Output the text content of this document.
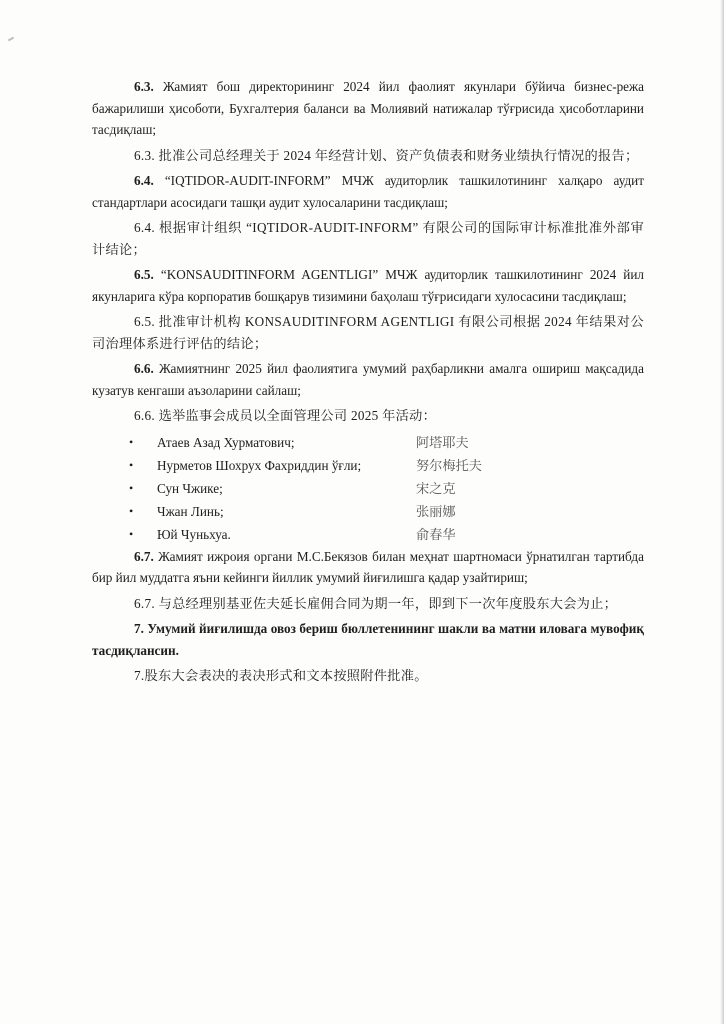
6.3. Жамият бош директорининг 2024 йил фаолият якунлари бўйича бизнес-режа бажарилиши ҳисоботи, Бухгалтерия баланси ва Молиявий натижалар тўғрисида ҳисоботларини тасдиқлаш;

6.3. 批准公司总经理关于 2024 年经营计划、资产负债表和财务业绩执行情况的报告；

6.4. “IQTIDOR-AUDIT-INFORM” МЧЖ аудиторлик ташкилотининг халқаро аудит стандартлари асосидаги ташқи аудит хулосаларини тасдиқлаш;

6.4. 根据审计组织 “IQTIDOR-AUDIT-INFORM” 有限公司的国际审计标准批准外部审计结论；

6.5. “KONSAUDITINFORM AGENTLIGI” МЧЖ аудиторлик ташкилотининг 2024 йил якунларига кўра корпоратив бошқарув тизимини баҳолаш тўғрисидаги хулосасини тасдиқлаш;

6.5. 批准审计机构 KONSAUDITINFORM AGENTLIGI 有限公司根据 2024 年结果对公司治理体系进行评估的结论；

6.6. Жамиятнинг 2025 йил фаолиятига умумий раҳбарликни амалга ошириш мақсадида кузатув кенгаши аъзоларини сайлаш;

6.6. 选举监事会成员以全面管理公司 2025 年活动：

• Атаев Азад Хурматович;	阿塔耶夫
• Нурметов Шохрух Фахриддин ўғли;	努尔梅托夫
• Сун Чжике;	宋之克
• Чжан Линь;	张丽娜
• Юй Чуньхуа.	俞春华

6.7. Жамият ижроия органи М.С.Бекязов билан меҳнат шартномаси ўрнатилган тартибда бир йил муддатга яъни кейинги йиллик умумий йиғилишга қадар узайтириш;

6.7. 与总经理别基亚佐夫延长雇佣合同为期一年，即到下一次年度股东大会为止；

7. Умумий йиғилишда овоз бериш бюллетенининг шакли ва матни иловага мувофиқ тасдиқлансин.

7.股东大会表决的表决形式和文本按照附件批准。
